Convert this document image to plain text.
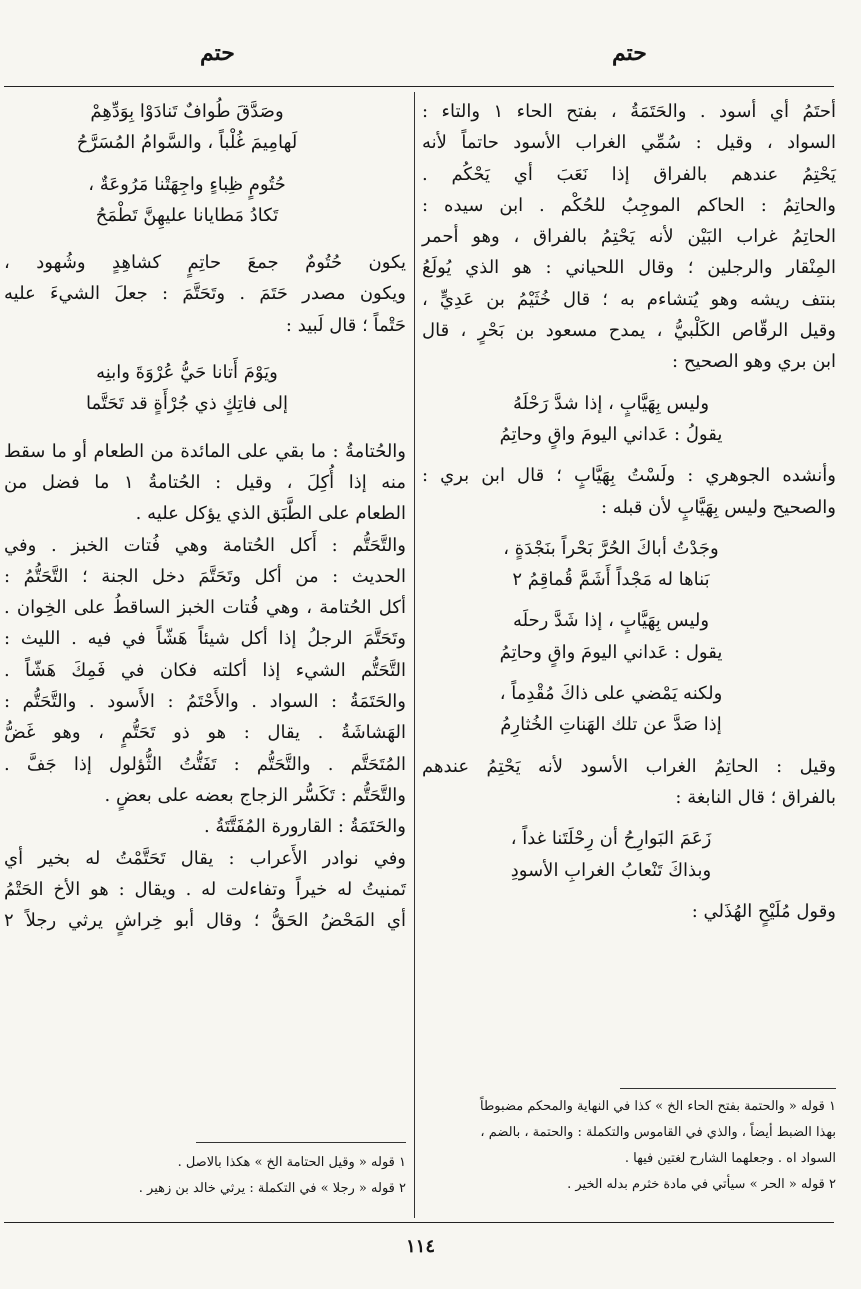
حتم
حتم

أحتَمُ أي أسود . والحَتَمَةُ ، بفتح الحاء ١ والتاء :

السواد ، وقيل : سُمِّي الغراب الأسود حاتماً لأنه

يَحْتِمُ عندهم بالفراق إذا نَعَبَ أي يَحْكُم .

والحاتِمُ : الحاكم الموجِبُ للحُكْم . ابن سيده :

الحاتِمُ غراب البَيْن لأنه يَحْتِمُ بالفراق ، وهو أحمر

المِنْقار والرجلين ؛ وقال اللحياني : هو الذي يُولَعُ

بنتف ريشه وهو يُتشاءم به ؛ قال خُثَيْمُ بن عَدِيٍّ ،

وقيل الرقّاص الكَلْبيُّ ، يمدح مسعود بن بَحْرٍ ، قال

ابن بري وهو الصحيح :

وليس بِهَيَّابٍ ، إذا شدَّ رَحْلَهُ

يقولُ : عَداني اليومَ واقٍ وحاتِمُ

وأنشده الجوهري : ولَسْتُ بِهَيَّابٍ ؛ قال ابن بري :

والصحيح وليس بِهَيَّابٍ لأن قبله :

وجَدْتُ أباكَ الحُرَّ بَحْراً بنَجْدَةٍ ،

بَناها له مَجْداً أَشَمَّ قُماقِمُ ٢

وليس بِهَيَّابٍ ، إذا شَدَّ رحلَه

يقول : عَداني اليومَ واقٍ وحاتِمُ

ولكنه يَمْضي على ذاكَ مُقْدِماً ،

إذا صَدَّ عن تلك الهَناتِ الخُثارِمُ

وقيل : الحاتِمُ الغراب الأسود لأنه يَحْتِمُ عندهم

بالفراق ؛ قال النابغة :

زَعَمَ البَوارِحُ أن رِحْلَتَنا غداً ،

وبذاكَ تَنْعابُ الغرابِ الأسودِ

وقول مُلَيْحٍ الهُذَلي :

١ قوله « والحتمة بفتح الحاء الخ » كذا في النهاية والمحكم مضبوطاً

بهذا الضبط أيضاً ، والذي في القاموس والتكملة : والحتمة ، بالضم ،

السواد اه . وجعلهما الشارح لغتين فيها .

٢ قوله « الحر » سيأتي في مادة خثرم بدله الخير .

وصَدَّقَ طُوافٌ تَنادَوْا بِوَدِّهِمْ

لَهامِيمَ غُلْباً ، والسَّوامُ المُسَرَّحُ

حُتُومٍ ظِباءٍ واجِهَتْنا مَرُوعَةٌ ،

تَكادُ مَطايانا عليهِنَّ تَطْمَحُ

يكون حُتُومٌ جمعَ حاتِمٍ كشاهِدٍ وشُهود ،

ويكون مصدر حَتَمَ . وتَحَتَّمَ : جعلَ الشيءَ عليه

حَتْماً ؛ قال لَبيد :

ويَوْمَ أَتانا حَيُّ عُرْوَةَ وابنِه

إلى فاتِكٍ ذي جُرْأَةٍ قد تَحَتَّما

والحُتامةُ : ما بقي على المائدة من الطعام أو ما سقط

منه إذا أُكِلَ ، وقيل : الحُتامةُ ١ ما فضل من

الطعام على الطَّبَق الذي يؤكل عليه .

والتَّحَتُّم : أَكل الحُتامة وهي فُتات الخبز . وفي

الحديث : من أكل وتَحَتَّمَ دخل الجنة ؛ التَّحَتُّمُ :

أكل الحُتامة ، وهي فُتات الخبز الساقطُ على الخِوان .

وتَحَتَّمَ الرجلُ إذا أكل شيئاً هَشّاً في فيه . الليث :

التَّحَتُّم الشيء إذا أكلته فكان في فَمِكَ هَشّاً .

والحَتَمَةُ : السواد . والأَحْتَمُ : الأَسود . والتَّحَتُّم :

الهَشاشَةُ . يقال : هو ذو تَحَتُّمٍ ، وهو غَضُّ

المُتَحَتَّم . والتَّحَتُّم : تَفَتُّتُ الثُّؤلول إذا جَفَّ .

والتَّحَتُّم : تَكَسُّر الزجاج بعضه على بعضٍ .

والحَتَمَةُ : القارورة المُفَتَّتَةُ .

وفي نوادر الأَعراب : يقال تَحَتَّمْتُ له بخير أي

تَمنيتُ له خيراً وتفاءلت له . ويقال : هو الأخ الحَتْمُ

أي المَحْضُ الحَقُّ ؛ وقال أبو خِراشٍ يرثي رجلاً ٢

١ قوله « وقيل الحتامة الخ » هكذا بالاصل .

٢ قوله « رجلا » في التكملة : يرثي خالد بن زهير .

١١٤
